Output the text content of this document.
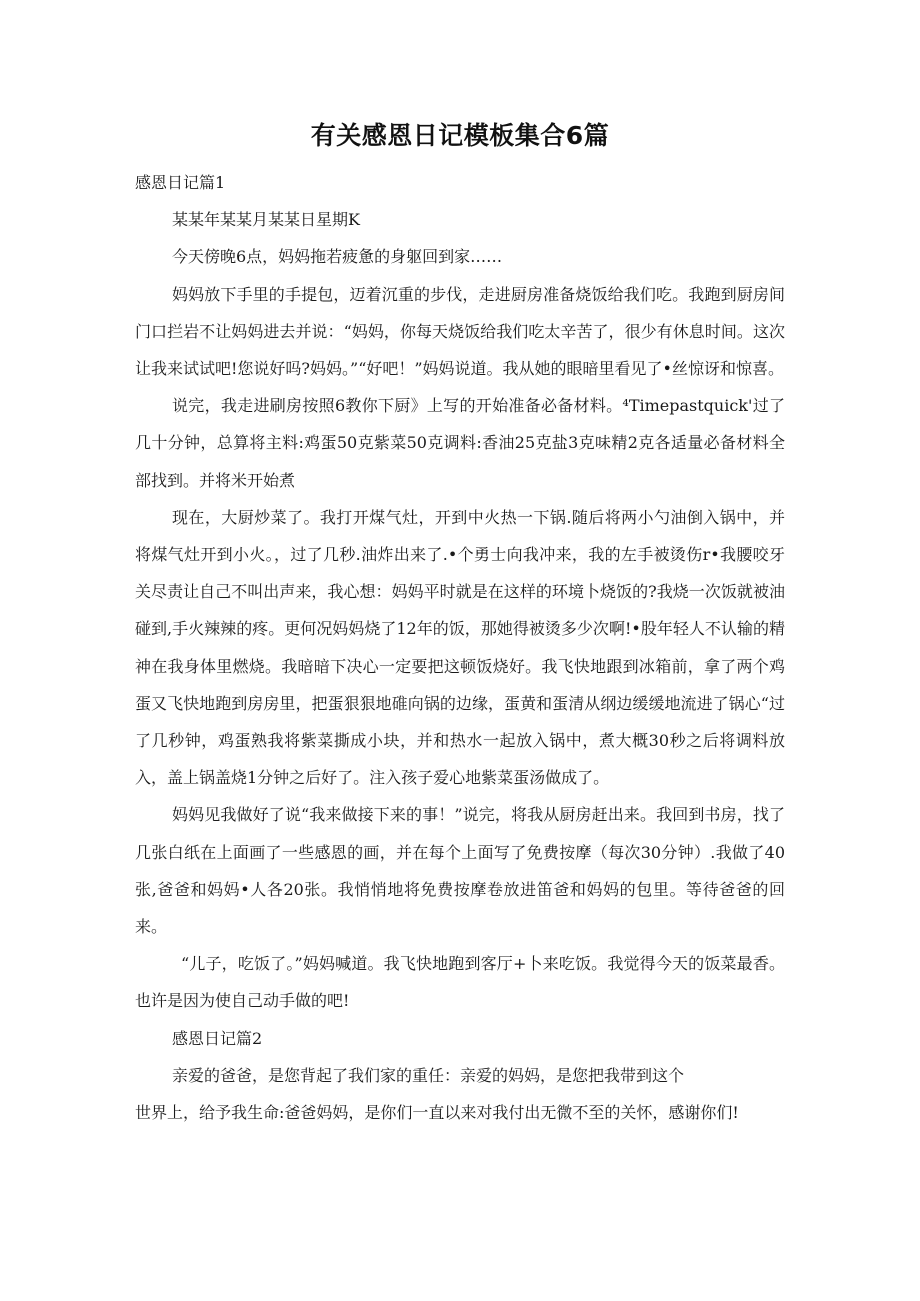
有关感恩日记模板集合6篇

感恩日记篇1

某某年某某月某某日星期K

今天傍晚6点，妈妈拖若疲惫的身躯回到家……

妈妈放下手里的手提包，迈着沉重的步伐，走进厨房准备烧饭给我们吃。我跑到厨房间门口拦岩不让妈妈进去并说：“妈妈，你每天烧饭给我们吃太辛苦了，很少有休息时间。这次让我来试试吧!您说好吗?妈妈。”“好吧！”妈妈说道。我从她的眼暗里看见了•丝惊讶和惊喜。

说完，我走进刷房按照6教你下厨》上写的开始准备必备材料。⁴Timepastquick'过了几十分钟，总算将主料:鸡蛋50克紫菜50克调料:香油25克盐3克味精2克各适量必备材料全部找到。并将米开始煮

现在，大厨炒菜了。我打开煤气灶，开到中火热一下锅.随后将两小勺油倒入锅中，并将煤气灶开到小火。，过了几秒.油炸出来了.•个勇士向我冲来，我的左手被烫伤r•我腰咬牙关尽责让自己不叫出声来，我心想：妈妈平时就是在这样的环境卜烧饭的?我烧一次饭就被油碰到,手火辣辣的疼。更何况妈妈烧了12年的饭，那她得被烫多少次啊!•股年轻人不认输的精神在我身体里燃烧。我暗暗下决心一定要把这顿饭烧好。我飞快地跟到冰箱前，拿了两个鸡蛋又飞快地跑到房房里，把蛋狠狠地碓向锅的边缘，蛋黄和蛋清从纲边缓缓地流进了锅心“过了几秒钟，鸡蛋熟我将紫菜撕成小块，并和热水一起放入锅中，煮大概30秒之后将调料放入，盖上锅盖烧1分钟之后好了。注入孩子爱心地紫菜蛋汤做成了。

妈妈见我做好了说“我来做接下来的事！”说完，将我从厨房赶出来。我回到书房，找了几张白纸在上面画了一些感恩的画，并在每个上面写了免费按摩（每次30分钟）.我做了40张,爸爸和妈妈•人各20张。我悄悄地将免费按摩卷放进笛爸和妈妈的包里。等待爸爸的回来。

“儿子，吃饭了。”妈妈喊道。我飞快地跑到客厅+卜来吃饭。我觉得今天的饭菜最香。也许是因为使自己动手做的吧!

感恩日记篇2

亲爱的爸爸，是您背起了我们家的重任：亲爱的妈妈，是您把我带到这个

世界上，给予我生命:爸爸妈妈，是你们一直以来对我付出无微不至的关怀，感谢你们!
